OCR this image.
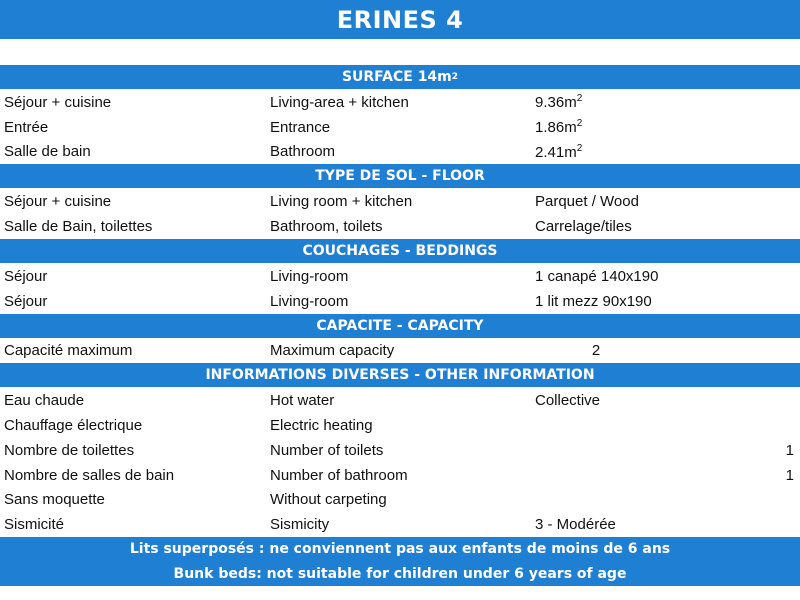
ERINES 4
SURFACE 14m 2
Séjour + cuisine	Living-area + kitchen	$9.36m^2$
Entrée	Entrance	$1.86m^2$
Salle de bain	Bathroom	$2.41m^2$
TYPE DE SOL - FLOOR
Séjour + cuisine	Living room + kitchen	Parquet / Wood
Salle de Bain, toilettes	Bathroom, toilets	Carrelage/tiles
COUCHAGES - BEDDINGS
Séjour	Living-room	1 canapé 140x190
Séjour	Living-room	1 lit mezz 90x190
CAPACITE - CAPACITY
Capacité maximum	Maximum capacity	2
INFORMATIONS DIVERSES - OTHER INFORMATION
Eau chaude	Hot water	Collective
Chauffage électrique	Electric heating
Nombre de toilettes	Number of toilets	1
Nombre de salles de bain	Number of bathroom	1
Sans moquette	Without carpeting
Sismicité	Sismicity	3 - Modérée
Lits superposés : ne conviennent pas aux enfants de moins de 6 ans
Bunk beds: not suitable for children under 6 years of age
